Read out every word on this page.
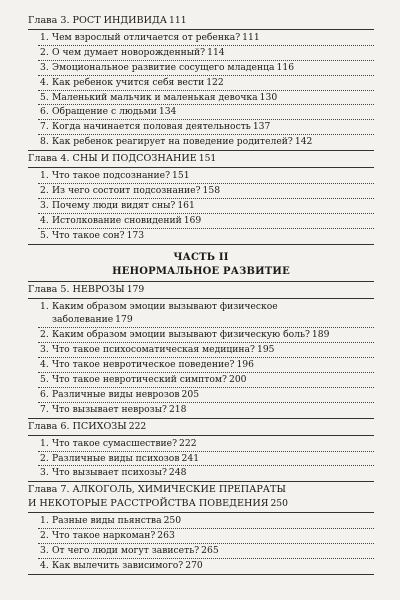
Глава 3. РОСТ ИНДИВИДА 111
1. Чем взрослый отличается от ребенка? 111
2. О чем думает новорожденный? 114
3. Эмоциональное развитие сосущего младенца 116
4. Как ребенок учится себя вести 122
5. Маленький мальчик и маленькая девочка 130
6. Обращение с людьми 134
7. Когда начинается половая деятельность 137
8. Как ребенок реагирует на поведение родителей? 142
Глава 4. СНЫ И ПОДСОЗНАНИЕ 151
1. Что такое подсознание? 151
2. Из чего состоит подсознание? 158
3. Почему люди видят сны? 161
4. Истолкование сновидений 169
5. Что такое сон? 173
ЧАСТЬ II
НЕНОРМАЛЬНОЕ РАЗВИТИЕ
Глава 5. НЕВРОЗЫ 179
1. Каким образом эмоции вызывают физическое
заболевание 179
2. Каким образом эмоции вызывают физическую боль? 189
3. Что такое психосоматическая медицина? 195
4. Что такое невротическое поведение? 196
5. Что такое невротический симптом? 200
6. Различные виды неврозов 205
7. Что вызывает неврозы? 218
Глава 6. ПСИХОЗЫ 222
1. Что такое сумасшествие? 222
2. Различные виды психозов 241
3. Что вызывает психозы? 248
Глава 7. АЛКОГОЛЬ, ХИМИЧЕСКИЕ ПРЕПАРАТЫ
И НЕКОТОРЫЕ РАССТРОЙСТВА ПОВЕДЕНИЯ 250
1. Разные виды пьянства 250
2. Что такое наркоман? 263
3. От чего люди могут зависеть? 265
4. Как вылечить зависимого? 270
